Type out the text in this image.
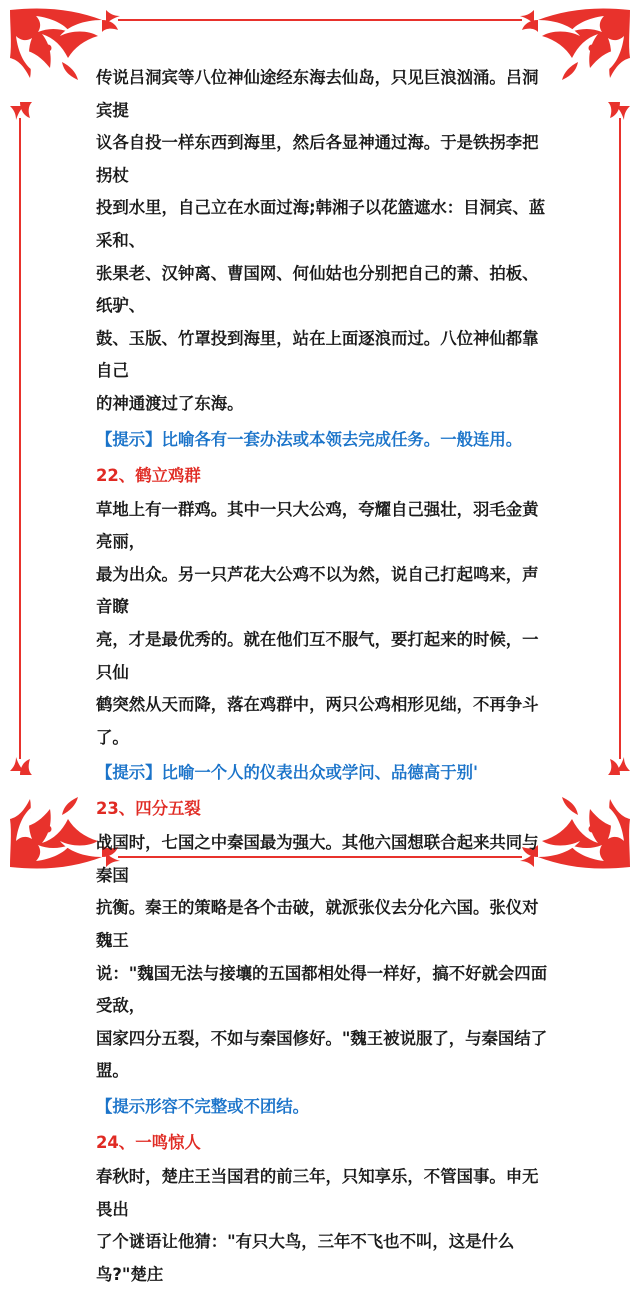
传说吕洞宾等八位神仙途经东海去仙岛，只见巨浪汹涌。吕洞宾提
议各自投一样东西到海里，然后各显神通过海。于是铁拐李把拐杖
投到水里，自己立在水面过海;韩湘子以花篮遮水：目洞宾、蓝采和、
张果老、汉钟离、曹国网、何仙姑也分别把自己的萧、拍板、纸驴、
鼓、玉版、竹罩投到海里，站在上面逐浪而过。八位神仙都靠自己
的神通渡过了东海。
【提示】比喻各有一套办法或本领去完成任务。一般连用。
22、鹤立鸡群
草地上有一群鸡。其中一只大公鸡，夸耀自己强壮，羽毛金黄亮丽，
最为出众。另一只芦花大公鸡不以为然，说自己打起鸣来，声音瞭
亮，才是最优秀的。就在他们互不服气，要打起来的时候，一只仙
鹤突然从天而降，落在鸡群中，两只公鸡相形见绌，不再争斗了。
【提示】比喻一个人的仪表出众或学问、品德高于别'
23、四分五裂
战国时，七国之中秦国最为强大。其他六国想联合起来共同与秦国
抗衡。秦王的策略是各个击破，就派张仪去分化六国。张仪对魏王
说："魏国无法与接壤的五国都相处得一样好，搞不好就会四面受敌，
国家四分五裂，不如与秦国修好。"魏王被说服了，与秦国结了盟。
【提示形容不完整或不团结。
24、一鸣惊人
春秋时，楚庄王当国君的前三年，只知享乐，不管国事。申无畏出
了个谜语让他猜："有只大鸟，三年不飞也不叫，这是什么鸟?"楚庄
